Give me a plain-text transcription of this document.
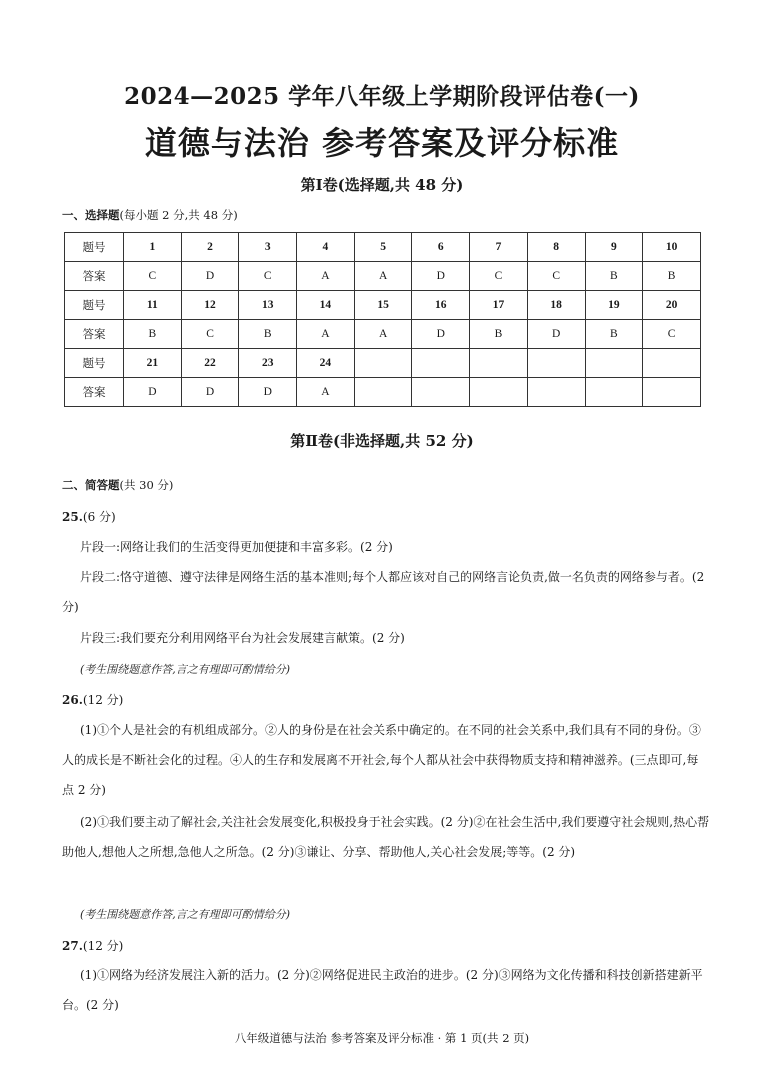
2024—2025 学年八年级上学期阶段评估卷(一)
道德与法治 参考答案及评分标准
第Ⅰ卷(选择题,共 48 分)
一、选择题(每小题 2 分,共 48 分)
题号	1	2	3	4	5	6	7	8	9	10
答案	C	D	C	A	A	D	C	C	B	B
题号	11	12	13	14	15	16	17	18	19	20
答案	B	C	B	A	A	D	B	D	B	C
题号	21	22	23	24						
答案	D	D	D	A						
第Ⅱ卷(非选择题,共 52 分)
二、简答题(共 30 分)
25.(6 分)
片段一:网络让我们的生活变得更加便捷和丰富多彩。(2 分)
片段二:恪守道德、遵守法律是网络生活的基本准则;每个人都应该对自己的网络言论负责,做一名负责的网络参与者。(2 分)
片段三:我们要充分利用网络平台为社会发展建言献策。(2 分)
(考生围绕题意作答,言之有理即可酌情给分)
26.(12 分)
(1)①个人是社会的有机组成部分。②人的身份是在社会关系中确定的。在不同的社会关系中,我们具有不同的身份。③人的成长是不断社会化的过程。④人的生存和发展离不开社会,每个人都从社会中获得物质支持和精神滋养。(三点即可,每点 2 分)
(2)①我们要主动了解社会,关注社会发展变化,积极投身于社会实践。(2 分)②在社会生活中,我们要遵守社会规则,热心帮助他人,想他人之所想,急他人之所急。(2 分)③谦让、分享、帮助他人,关心社会发展;等等。(2 分)
(考生围绕题意作答,言之有理即可酌情给分)
27.(12 分)
(1)①网络为经济发展注入新的活力。(2 分)②网络促进民主政治的进步。(2 分)③网络为文化传播和科技创新搭建新平台。(2 分)
八年级道德与法治 参考答案及评分标准 · 第 1 页(共 2 页)
